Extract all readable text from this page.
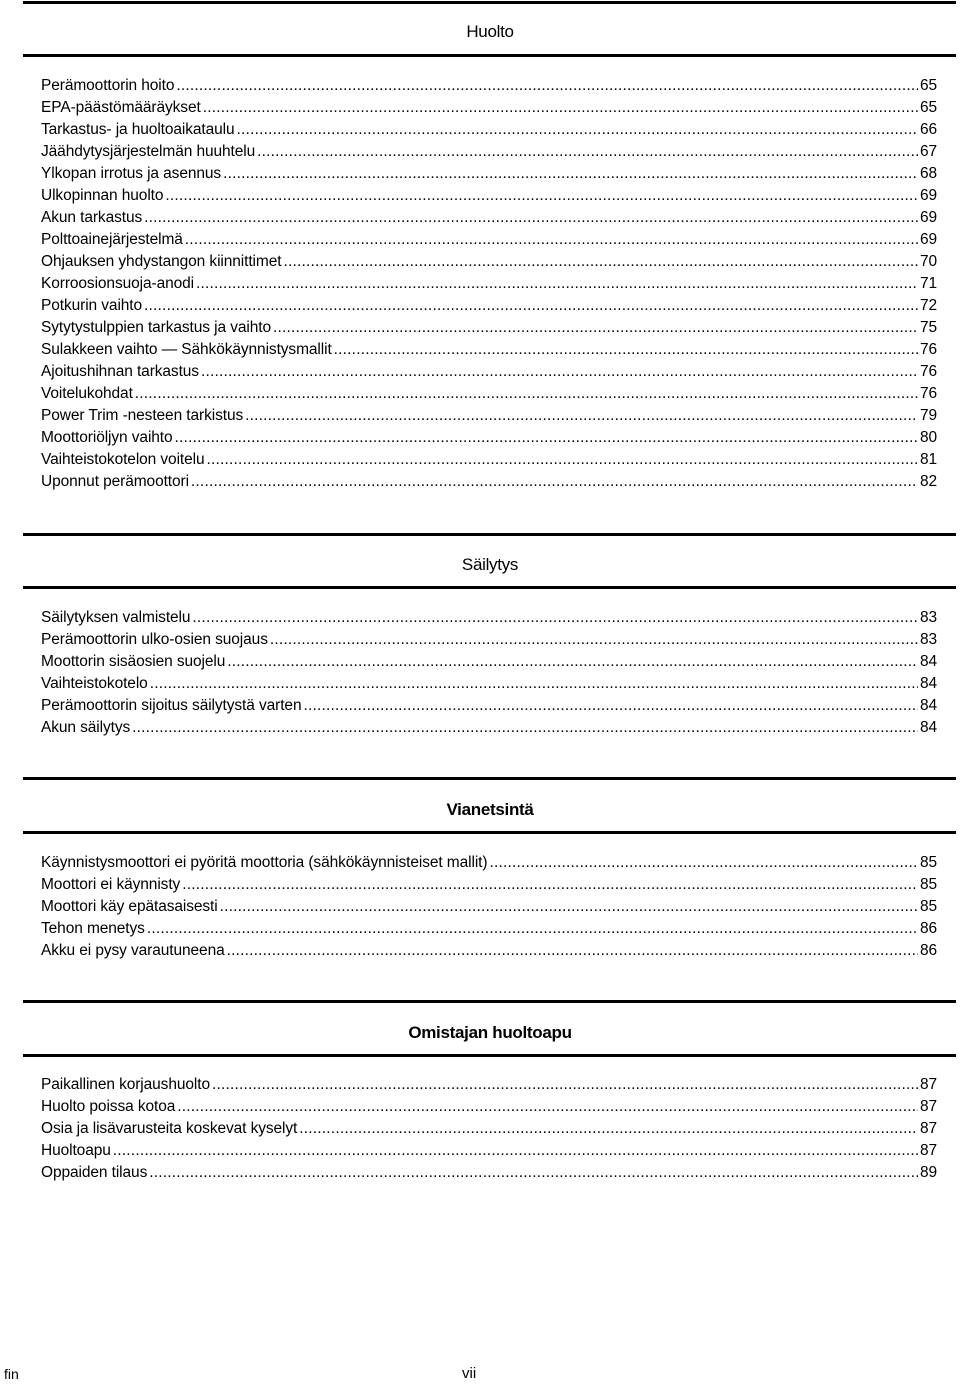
Huolto
Perämoottorin hoito .....	65
EPA-päästömääräykset .....	65
Tarkastus- ja huoltoaikataulu .....	66
Jäähdytysjärjestelmän huuhtelu .....	67
Ylkopan irrotus ja asennus .....	68
Ulkopinnan huolto .....	69
Akun tarkastus .....	69
Polttoainejärjestelmä .....	69
Ohjauksen yhdystangon kiinnittimet .....	70
Korroosionsuoja-anodi .....	71
Potkurin vaihto .....	72
Sytytystulppien tarkastus ja vaihto .....	75
Sulakkeen vaihto — Sähkökäynnistysmallit .....	76
Ajoitushihnan tarkastus .....	76
Voitelukohdat .....	76
Power Trim -nesteen tarkistus .....	79
Moottoriöljyn vaihto .....	80
Vaihteistokotelon voitelu .....	81
Uponnut perämoottori .....	82
Säilytys
Säilytyksen valmistelu .....	83
Perämoottorin ulko-osien suojaus .....	83
Moottorin sisäosien suojelu .....	84
Vaihteistokotelo .....	84
Perämoottorin sijoitus säilytystä varten .....	84
Akun säilytys .....	84
Vianetsintä
Käynnistysmoottori ei pyöritä moottoria (sähkökäynnisteiset mallit) .....	85
Moottori ei käynnisty .....	85
Moottori käy epätasaisesti .....	85
Tehon menetys .....	86
Akku ei pysy varautuneena .....	86
Omistajan huoltoapu
Paikallinen korjaushuolto .....	87
Huolto poissa kotoa .....	87
Osia ja lisävarusteita koskevat kyselyt .....	87
Huoltoapu .....	87
Oppaiden tilaus .....	89
fin	vii
